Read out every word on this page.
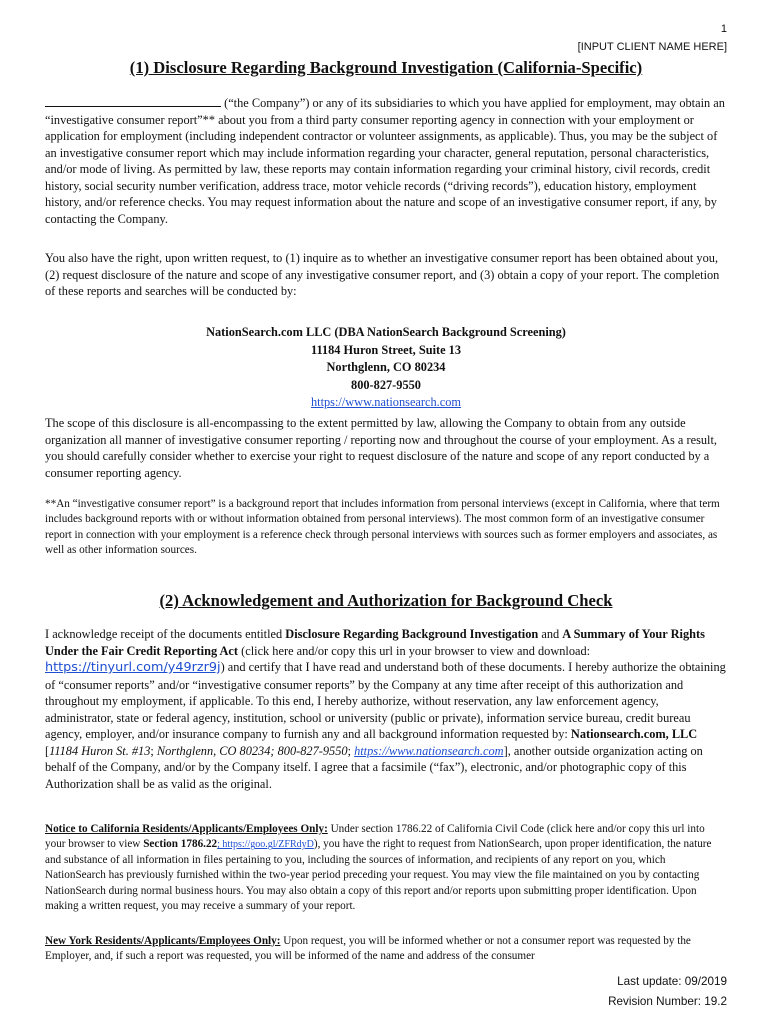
1
[INPUT CLIENT NAME HERE]
(1) Disclosure Regarding Background Investigation (California-Specific)

(“the Company”) or any of its subsidiaries to which you have applied for employment, may obtain an “investigative consumer report”** about you from a third party consumer reporting agency in connection with your employment or application for employment (including independent contractor or volunteer assignments, as applicable). Thus, you may be the subject of an investigative consumer report which may include information regarding your character, general reputation, personal characteristics, and/or mode of living. As permitted by law, these reports may contain information regarding your criminal history, civil records, credit history, social security number verification, address trace, motor vehicle records (“driving records”), education history, employment history, and/or reference checks. You may request information about the nature and scope of an investigative consumer report, if any, by contacting the Company.

You also have the right, upon written request, to (1) inquire as to whether an investigative consumer report has been obtained about you, (2) request disclosure of the nature and scope of any investigative consumer report, and (3) obtain a copy of your report. The completion of these reports and searches will be conducted by:

NationSearch.com LLC (DBA NationSearch Background Screening)
11184 Huron Street, Suite 13
Northglenn, CO 80234
800-827-9550
https://www.nationsearch.com

The scope of this disclosure is all-encompassing to the extent permitted by law, allowing the Company to obtain from any outside organization all manner of investigative consumer reporting / reporting now and throughout the course of your employment. As a result, you should carefully consider whether to exercise your right to request disclosure of the nature and scope of any report conducted by a consumer reporting agency.

**An “investigative consumer report” is a background report that includes information from personal interviews (except in California, where that term includes background reports with or without information obtained from personal interviews). The most common form of an investigative consumer report in connection with your employment is a reference check through personal interviews with sources such as former employers and associates, as well as other information sources.

(2) Acknowledgement and Authorization for Background Check

I acknowledge receipt of the documents entitled Disclosure Regarding Background Investigation and A Summary of Your Rights Under the Fair Credit Reporting Act (click here and/or copy this url in your browser to view and download: https://tinyurl.com/y49rzr9j) and certify that I have read and understand both of these documents. I hereby authorize the obtaining of “consumer reports” and/or “investigative consumer reports” by the Company at any time after receipt of this authorization and throughout my employment, if applicable. To this end, I hereby authorize, without reservation, any law enforcement agency, administrator, state or federal agency, institution, school or university (public or private), information service bureau, credit bureau agency, employer, and/or insurance company to furnish any and all background information requested by: Nationsearch.com, LLC [11184 Huron St. #13; Northglenn, CO 80234; 800-827-9550; https://www.nationsearch.com], another outside organization acting on behalf of the Company, and/or by the Company itself. I agree that a facsimile (“fax”), electronic, and/or photographic copy of this Authorization shall be as valid as the original.

Notice to California Residents/Applicants/Employees Only: Under section 1786.22 of California Civil Code (click here and/or copy this url into your browser to view Section 1786.22; https://goo.gl/ZFRdyD), you have the right to request from NationSearch, upon proper identification, the nature and substance of all information in files pertaining to you, including the sources of information, and recipients of any report on you, which NationSearch has previously furnished within the two-year period preceding your request. You may view the file maintained on you by contacting NationSearch during normal business hours. You may also obtain a copy of this report and/or reports upon submitting proper identification. Upon making a written request, you may receive a summary of your report.

New York Residents/Applicants/Employees Only: Upon request, you will be informed whether or not a consumer report was requested by the Employer, and, if such a report was requested, you will be informed of the name and address of the consumer

Last update: 09/2019
Revision Number: 19.2
